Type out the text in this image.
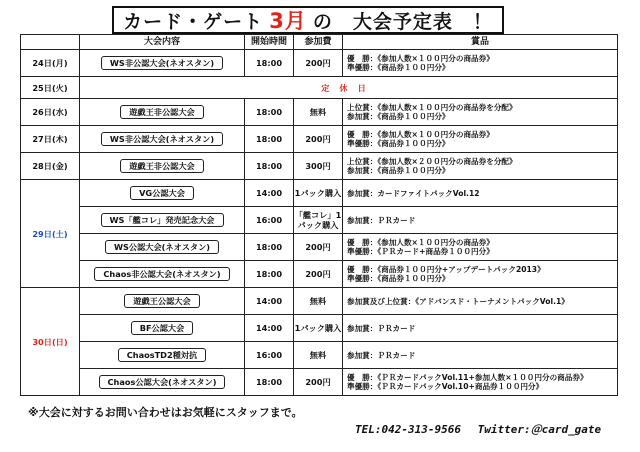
カード・ゲート 3月 の　大会予定表　！
	大会内容	開始時間	参加費	賞品
24日(月)	WS非公認大会(ネオスタン)	18:00	200円	優　勝：《参加人数×１００円分の商品券》
準優勝：《商品券１００円分》

25日(火)	定休日			
26日(水)	遊戯王非公認大会	18:00	無料	上位賞：《参加人数×１００円分の商品券を分配》
参加賞：《商品券１００円分》

27日(木)	WS非公認大会(ネオスタン)	18:00	200円	優　勝：《参加人数×１００円分の商品券》
準優勝：《商品券１００円分》

28日(金)	遊戯王非公認大会	18:00	300円	上位賞：《参加人数×２００円分の商品券を分配》
参加賞：《商品券１００円分》

29日(土)	VG公認大会	14:00	1パック購入	参加賞：カードファイトパックVol.12

	WS「艦コレ」発売記念大会	16:00	「艦コレ」1パック購入	参加賞：ＰＲカード

	WS公認大会(ネオスタン)	18:00	200円	優　勝：《参加人数×１００円分の商品券》
準優勝：《ＰＲカード+商品券１００円分》

	Chaos非公認大会(ネオスタン)	18:00	200円	優　勝：《商品券１００円分+アップデートパック2013》
準優勝：《商品券１００円分》

30日(日)	遊戯王公認大会	14:00	無料	参加賞及び上位賞：《アドバンスド・トーナメントパックVol.1》

	BF公認大会	14:00	1パック購入	参加賞：ＰＲカード

	ChaosTD2種対抗	16:00	無料	参加賞：ＰＲカード

	Chaos公認大会(ネオスタン)	18:00	200円	優　勝：《ＰＲカードパックVol.11+参加人数×１００円分の商品券》
準優勝：《ＰＲカードパックVol.10+商品券１００円分》
※大会に対するお問い合わせはお気軽にスタッフまで。
TEL:042-313-9566 Twitter:＠card_gate
